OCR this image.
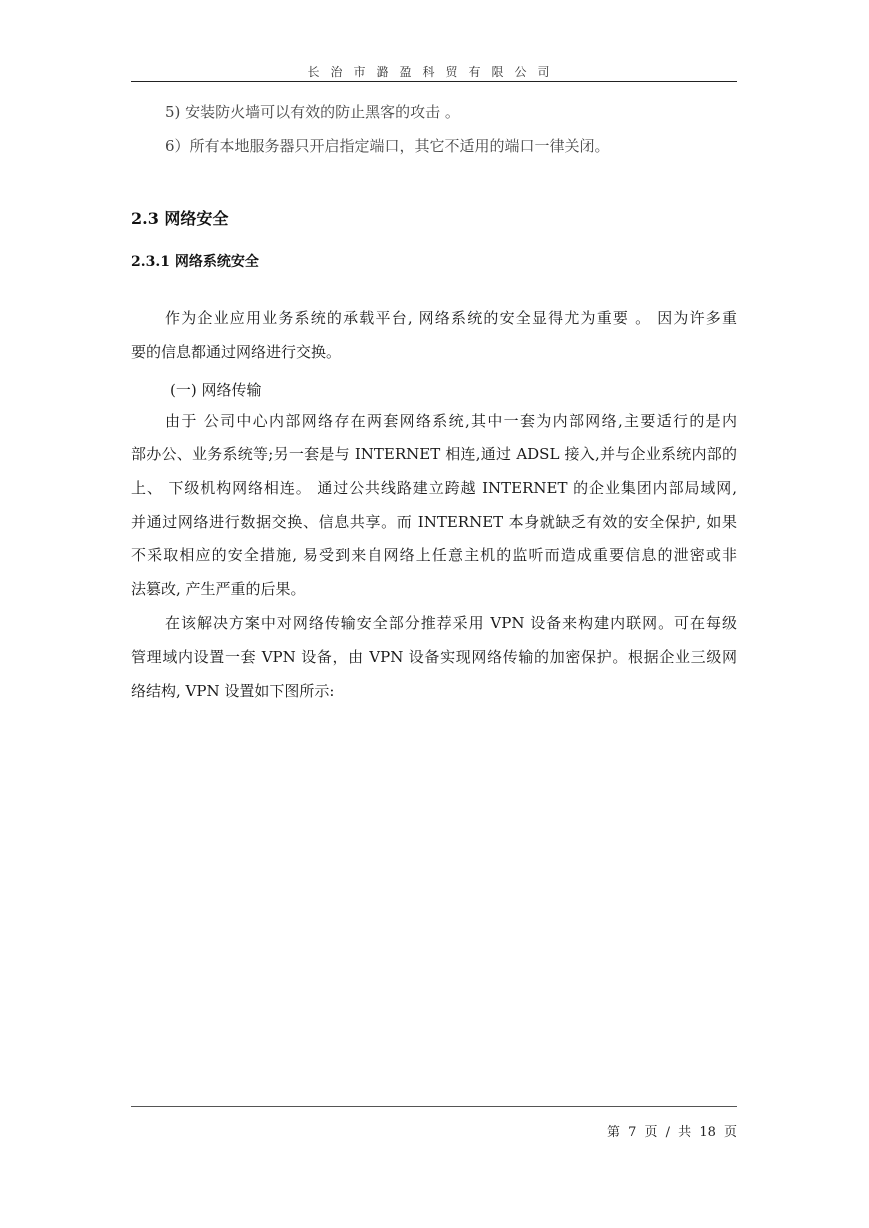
长治市潞盈科贸有限公司
5) 安装防火墙可以有效的防止黑客的攻击 。
6）所有本地服务器只开启指定端口，其它不适用的端口一律关闭。
2.3 网络安全
2.3.1 网络系统安全
作为企业应用业务系统的承载平台, 网络系统的安全显得尤为重要 。 因为许多重
要的信息都通过网络进行交换。
(一) 网络传输
由于 公司中心内部网络存在两套网络系统,其中一套为内部网络,主要适行的是内
部办公、业务系统等;另一套是与 INTERNET 相连,通过 ADSL 接入,并与企业系统内部的
上、 下级机构网络相连。 通过公共线路建立跨越 INTERNET 的企业集团内部局域网,
并通过网络进行数据交换、信息共享。而 INTERNET 本身就缺乏有效的安全保护, 如果
不采取相应的安全措施, 易受到来自网络上任意主机的监听而造成重要信息的泄密或非
法篡改, 产生严重的后果。
在该解决方案中对网络传输安全部分推荐采用 VPN 设备来构建内联网。可在每级
管理域内设置一套 VPN 设备，由 VPN 设备实现网络传输的加密保护。根据企业三级网
络结构, VPN 设置如下图所示:
第 7 页 / 共 18 页
